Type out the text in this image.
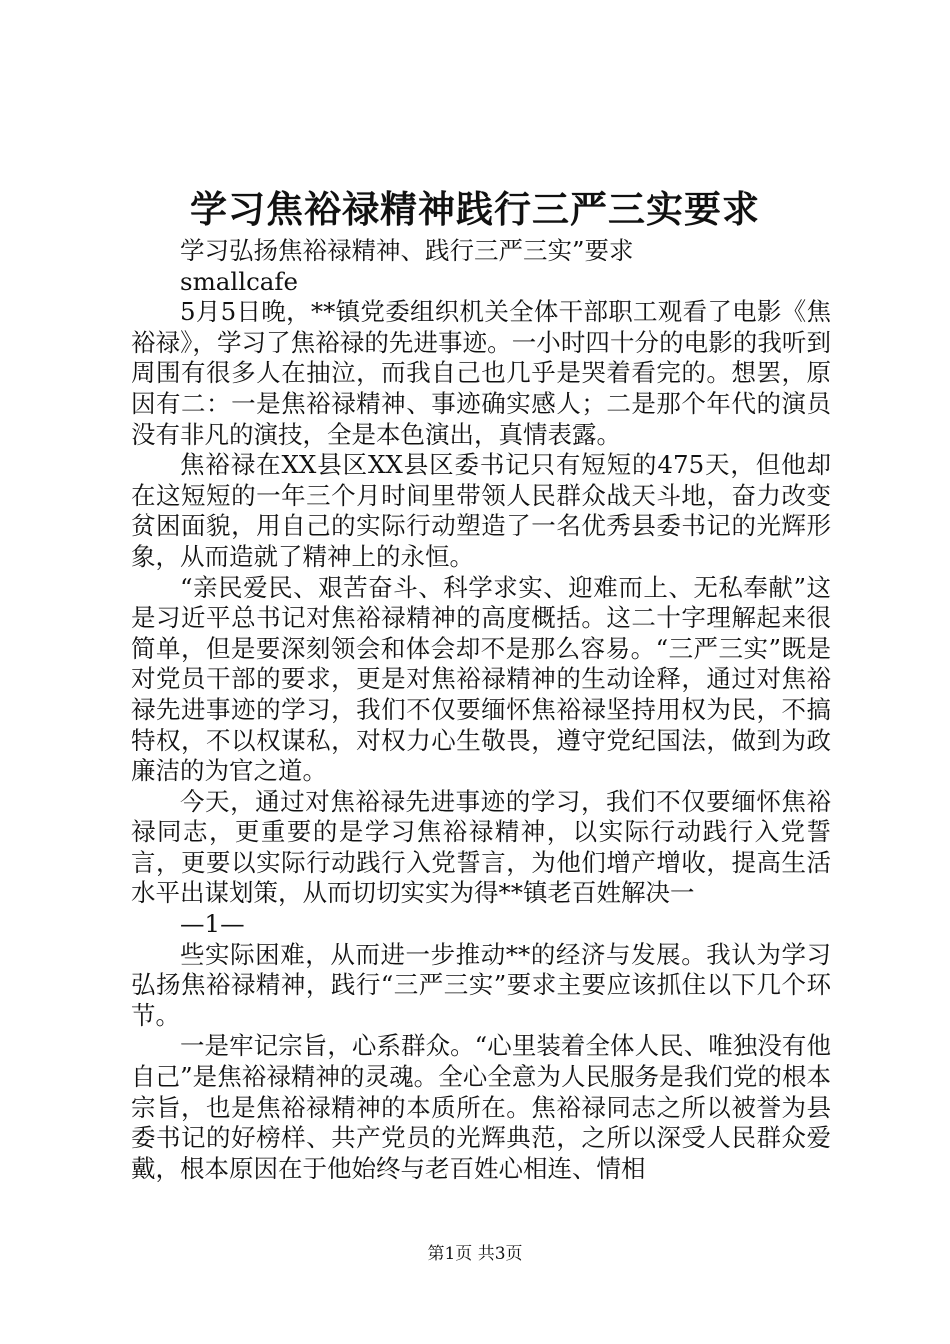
学习焦裕禄精神践行三严三实要求

学习弘扬焦裕禄精神、践行三严三实”要求

smallcafe

5月5日晚，**镇党委组织机关全体干部职工观看了电影《焦裕禄》，学习了焦裕禄的先进事迹。一小时四十分的电影的我听到周围有很多人在抽泣，而我自己也几乎是哭着看完的。想罢，原因有二：一是焦裕禄精神、事迹确实感人；二是那个年代的演员没有非凡的演技，全是本色演出，真情表露。

焦裕禄在XX县区XX县区委书记只有短短的475天，但他却在这短短的一年三个月时间里带领人民群众战天斗地，奋力改变贫困面貌，用自己的实际行动塑造了一名优秀县委书记的光辉形象，从而造就了精神上的永恒。

“亲民爱民、艰苦奋斗、科学求实、迎难而上、无私奉献”这是习近平总书记对焦裕禄精神的高度概括。这二十字理解起来很简单，但是要深刻领会和体会却不是那么容易。“三严三实”既是对党员干部的要求，更是对焦裕禄精神的生动诠释，通过对焦裕禄先进事迹的学习，我们不仅要缅怀焦裕禄坚持用权为民，不搞特权，不以权谋私，对权力心生敬畏，遵守党纪国法，做到为政廉洁的为官之道。

今天，通过对焦裕禄先进事迹的学习，我们不仅要缅怀焦裕禄同志，更重要的是学习焦裕禄精神，以实际行动践行入党誓言，更要以实际行动践行入党誓言，为他们增产增收，提高生活水平出谋划策，从而切切实实为得**镇老百姓解决一

—1—

些实际困难，从而进一步推动**的经济与发展。我认为学习弘扬焦裕禄精神，践行“三严三实”要求主要应该抓住以下几个环节。

一是牢记宗旨，心系群众。“心里装着全体人民、唯独没有他自己”是焦裕禄精神的灵魂。全心全意为人民服务是我们党的根本宗旨，也是焦裕禄精神的本质所在。焦裕禄同志之所以被誉为县委书记的好榜样、共产党员的光辉典范，之所以深受人民群众爱戴，根本原因在于他始终与老百姓心相连、情相

第1页 共3页
